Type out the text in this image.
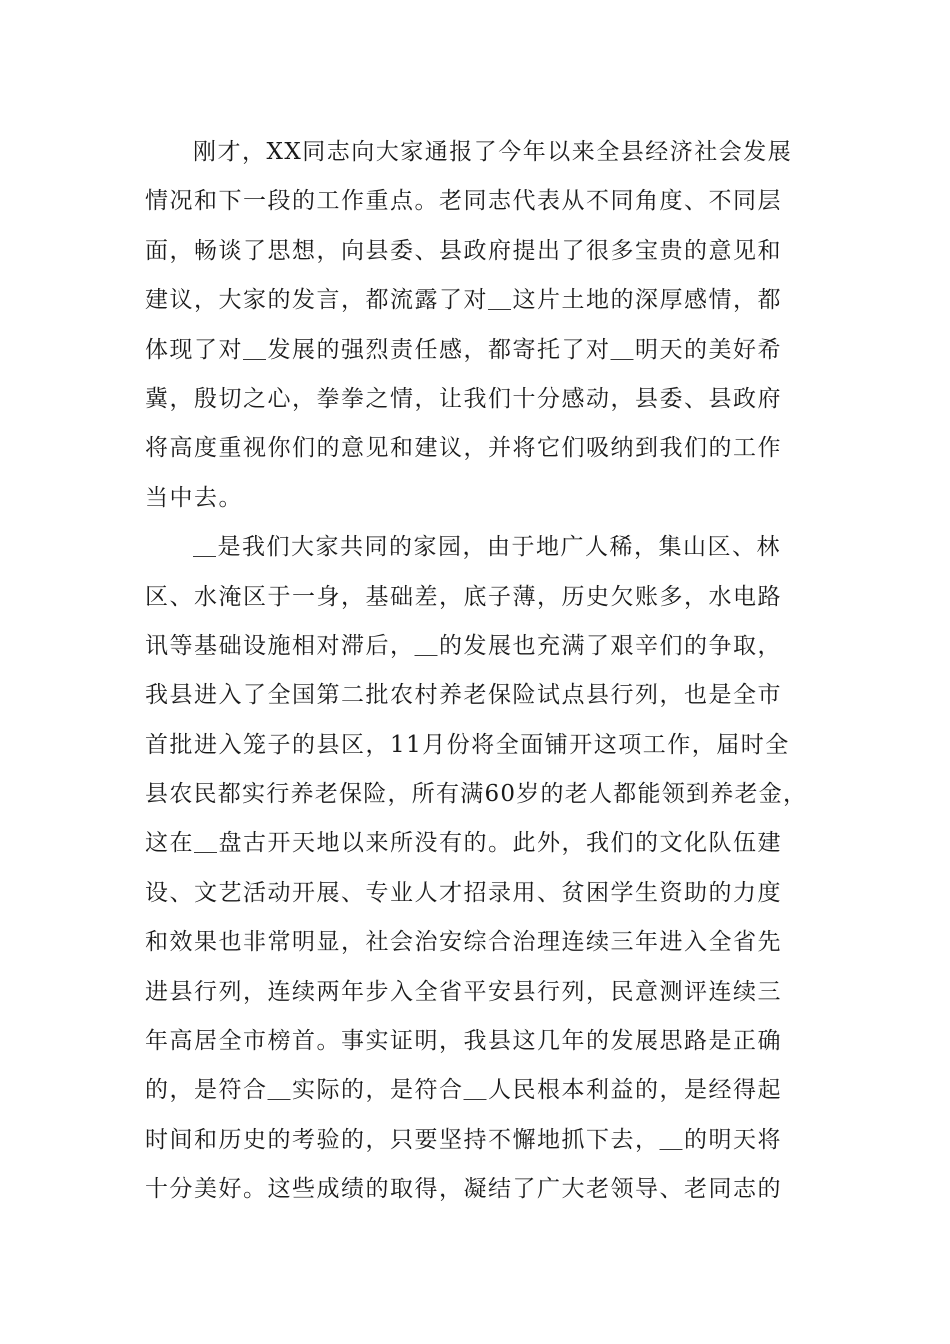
刚才，XX同志向大家通报了今年以来全县经济社会发展
情况和下一段的工作重点。老同志代表从不同角度、不同层
面，畅谈了思想，向县委、县政府提出了很多宝贵的意见和
建议，大家的发言，都流露了对＿这片土地的深厚感情，都
体现了对＿发展的强烈责任感，都寄托了对＿明天的美好希
冀，殷切之心，拳拳之情，让我们十分感动，县委、县政府
将高度重视你们的意见和建议，并将它们吸纳到我们的工作
当中去。
＿是我们大家共同的家园，由于地广人稀，集山区、林
区、水淹区于一身，基础差，底子薄，历史欠账多，水电路
讯等基础设施相对滞后，＿的发展也充满了艰辛们的争取，
我县进入了全国第二批农村养老保险试点县行列，也是全市
首批进入笼子的县区，11月份将全面铺开这项工作，届时全
县农民都实行养老保险，所有满60岁的老人都能领到养老金，
这在＿盘古开天地以来所没有的。此外，我们的文化队伍建
设、文艺活动开展、专业人才招录用、贫困学生资助的力度
和效果也非常明显，社会治安综合治理连续三年进入全省先
进县行列，连续两年步入全省平安县行列，民意测评连续三
年高居全市榜首。事实证明，我县这几年的发展思路是正确
的，是符合＿实际的，是符合＿人民根本利益的，是经得起
时间和历史的考验的，只要坚持不懈地抓下去，＿的明天将
十分美好。这些成绩的取得，凝结了广大老领导、老同志的
